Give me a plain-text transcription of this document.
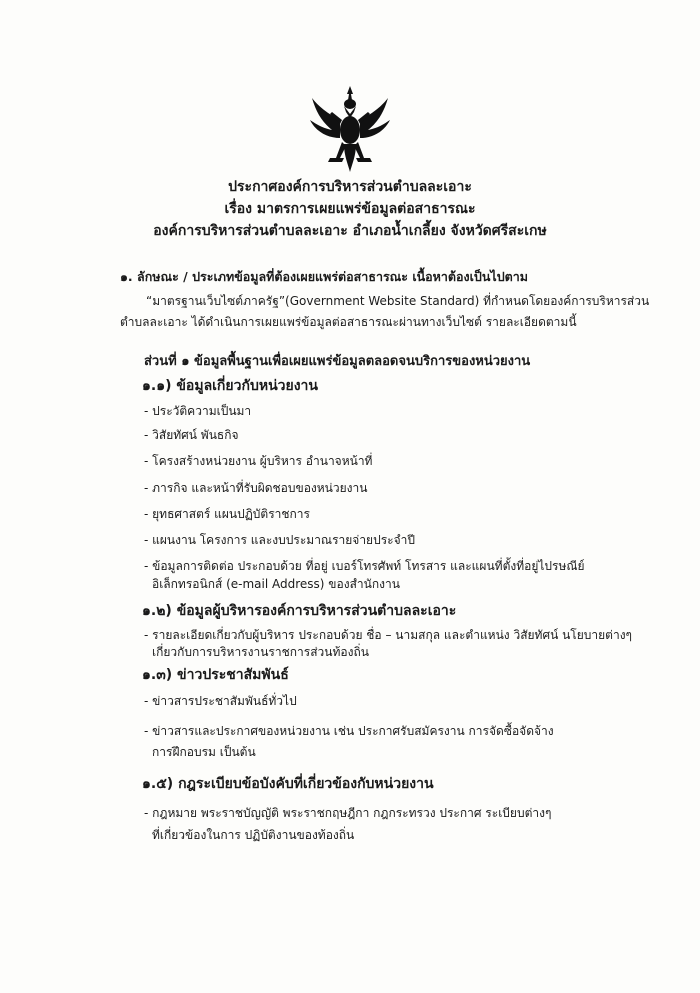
ประกาศองค์การบริหารส่วนตำบลละเอาะ
เรื่อง มาตรการเผยแพร่ข้อมูลต่อสาธารณะ
องค์การบริหารส่วนตำบลละเอาะ อำเภอน้ำเกลี้ยง จังหวัดศรีสะเกษ
๑. ลักษณะ / ประเภทข้อมูลที่ต้องเผยแพร่ต่อสาธารณะ เนื้อหาต้องเป็นไปตาม
“มาตรฐานเว็บไซต์ภาครัฐ”(Government Website Standard) ที่กำหนดโดยองค์การบริหารส่วน
ตำบลละเอาะ ได้ดำเนินการเผยแพร่ข้อมูลต่อสาธารณะผ่านทางเว็บไซต์ รายละเอียดตามนี้
ส่วนที่ ๑ ข้อมูลพื้นฐานเพื่อเผยแพร่ข้อมูลตลอดจนบริการของหน่วยงาน
๑.๑) ข้อมูลเกี่ยวกับหน่วยงาน
- ประวัติความเป็นมา
- วิสัยทัศน์ พันธกิจ
- โครงสร้างหน่วยงาน ผู้บริหาร อำนาจหน้าที่
- ภารกิจ และหน้าที่รับผิดชอบของหน่วยงาน
- ยุทธศาสตร์ แผนปฏิบัติราชการ
- แผนงาน โครงการ และงบประมาณรายจ่ายประจำปี
- ข้อมูลการติดต่อ ประกอบด้วย ที่อยู่ เบอร์โทรศัพท์ โทรสาร และแผนที่ตั้งที่อยู่ไปรษณีย์
อิเล็กทรอนิกส์ (e-mail Address) ของสำนักงาน
๑.๒) ข้อมูลผู้บริหารองค์การบริหารส่วนตำบลละเอาะ
- รายละเอียดเกี่ยวกับผู้บริหาร ประกอบด้วย ชื่อ – นามสกุล และตำแหน่ง วิสัยทัศน์ นโยบายต่างๆ
เกี่ยวกับการบริหารงานราชการส่วนท้องถิ่น
๑.๓) ข่าวประชาสัมพันธ์
- ข่าวสารประชาสัมพันธ์ทั่วไป
- ข่าวสารและประกาศของหน่วยงาน เช่น ประกาศรับสมัครงาน การจัดซื้อจัดจ้าง
การฝึกอบรม เป็นต้น
๑.๕) กฎระเบียบข้อบังคับที่เกี่ยวข้องกับหน่วยงาน
- กฎหมาย พระราชบัญญัติ พระราชกฤษฎีกา กฎกระทรวง ประกาศ ระเบียบต่างๆ
ที่เกี่ยวข้องในการ ปฏิบัติงานของท้องถิ่น
